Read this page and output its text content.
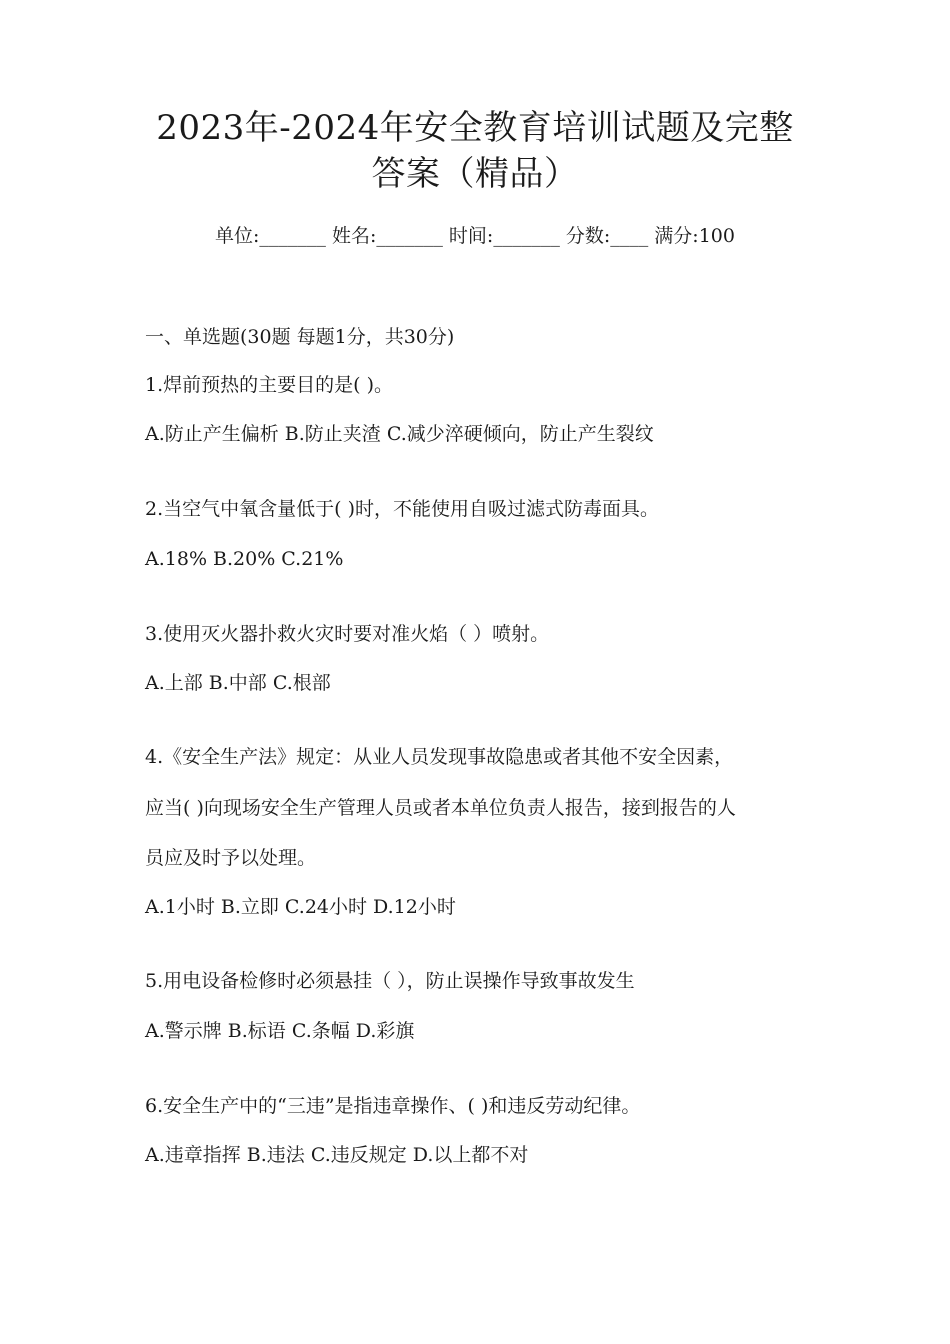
2023年-2024年安全教育培训试题及完整
答案（精品）
单位:_______ 姓名:_______ 时间:_______ 分数:____ 满分:100
一、单选题(30题 每题1分，共30分)
1.焊前预热的主要目的是( )。
A.防止产生偏析 B.防止夹渣 C.减少淬硬倾向，防止产生裂纹
2.当空气中氧含量低于( )时，不能使用自吸过滤式防毒面具。
A.18% B.20% C.21%
3.使用灭火器扑救火灾时要对准火焰（ ）喷射。
A.上部 B.中部 C.根部
4.《安全生产法》规定：从业人员发现事故隐患或者其他不安全因素，
应当( )向现场安全生产管理人员或者本单位负责人报告，接到报告的人
员应及时予以处理。
A.1小时 B.立即 C.24小时 D.12小时
5.用电设备检修时必须悬挂（ ），防止误操作导致事故发生
A.警示牌 B.标语 C.条幅 D.彩旗
6.安全生产中的“三违”是指违章操作、( )和违反劳动纪律。
A.违章指挥 B.违法 C.违反规定 D.以上都不对
